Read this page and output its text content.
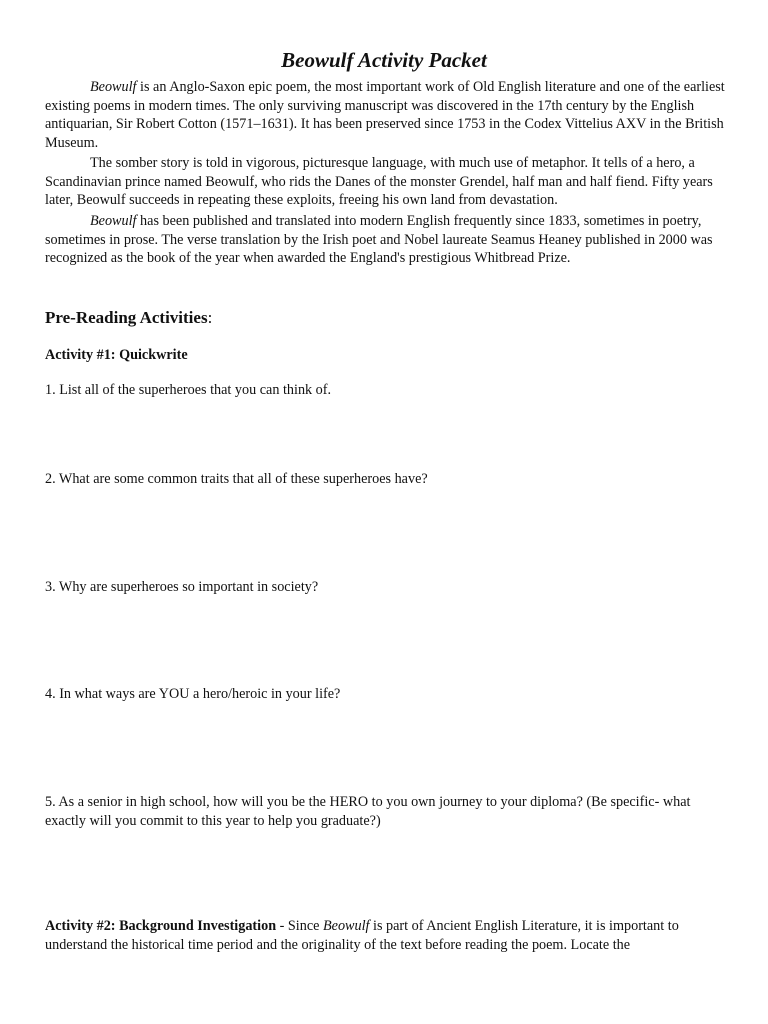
Beowulf Activity Packet

Beowulf is an Anglo-Saxon epic poem, the most important work of Old English literature and one of the earliest existing poems in modern times. The only surviving manuscript was discovered in the 17th century by the English antiquarian, Sir Robert Cotton (1571–1631). It has been preserved since 1753 in the Codex Vittelius AXV in the British Museum.

The somber story is told in vigorous, picturesque language, with much use of metaphor. It tells of a hero, a Scandinavian prince named Beowulf, who rids the Danes of the monster Grendel, half man and half fiend. Fifty years later, Beowulf succeeds in repeating these exploits, freeing his own land from devastation.

Beowulf has been published and translated into modern English frequently since 1833, sometimes in poetry, sometimes in prose. The verse translation by the Irish poet and Nobel laureate Seamus Heaney published in 2000 was recognized as the book of the year when awarded the England's prestigious Whitbread Prize.

Pre-Reading Activities:
Activity #1: Quickwrite

1. List all of the superheroes that you can think of.

2. What are some common traits that all of these superheroes have?

3. Why are superheroes so important in society?

4. In what ways are YOU a hero/heroic in your life?

5. As a senior in high school, how will you be the HERO to you own journey to your diploma? (Be specific- what exactly will you commit to this year to help you graduate?)

Activity #2: Background Investigation - Since Beowulf is part of Ancient English Literature, it is important to understand the historical time period and the originality of the text before reading the poem. Locate the
